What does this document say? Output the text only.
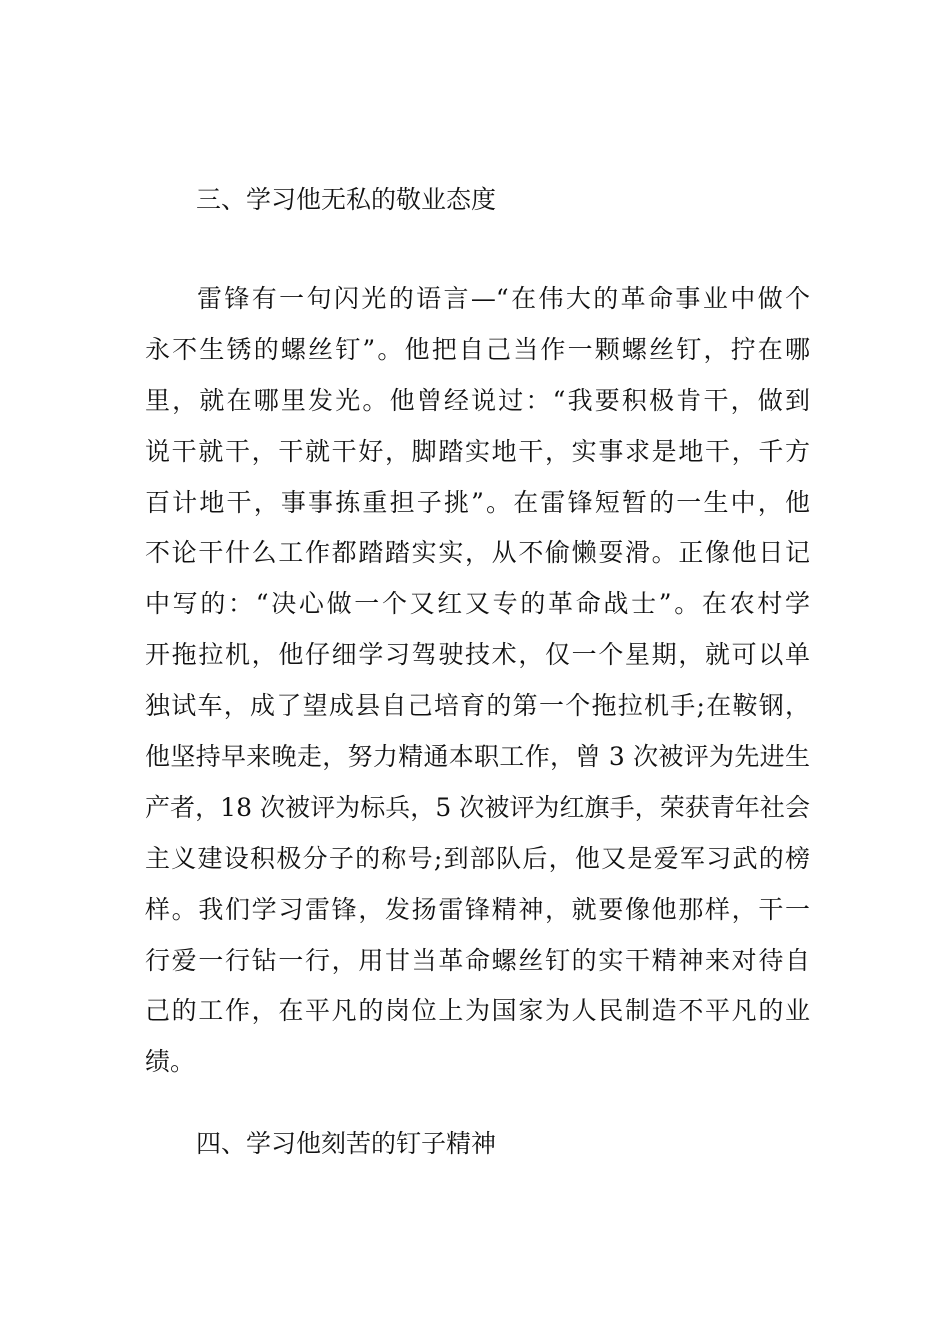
三、学习他无私的敬业态度
雷锋有一句闪光的语言—“在伟大的革命事业中做个
永不生锈的螺丝钉”。他把自己当作一颗螺丝钉，拧在哪
里，就在哪里发光。他曾经说过：“我要积极肯干，做到
说干就干，干就干好，脚踏实地干，实事求是地干，千方
百计地干，事事拣重担子挑”。在雷锋短暂的一生中，他
不论干什么工作都踏踏实实，从不偷懒耍滑。正像他日记
中写的：“决心做一个又红又专的革命战士”。在农村学
开拖拉机，他仔细学习驾驶技术，仅一个星期，就可以单
独试车，成了望成县自己培育的第一个拖拉机手;在鞍钢，
他坚持早来晚走，努力精通本职工作，曾 3 次被评为先进生
产者，18 次被评为标兵，5 次被评为红旗手，荣获青年社会
主义建设积极分子的称号;到部队后，他又是爱军习武的榜
样。我们学习雷锋，发扬雷锋精神，就要像他那样，干一
行爱一行钻一行，用甘当革命螺丝钉的实干精神来对待自
己的工作，在平凡的岗位上为国家为人民制造不平凡的业
绩。
四、学习他刻苦的钉子精神
